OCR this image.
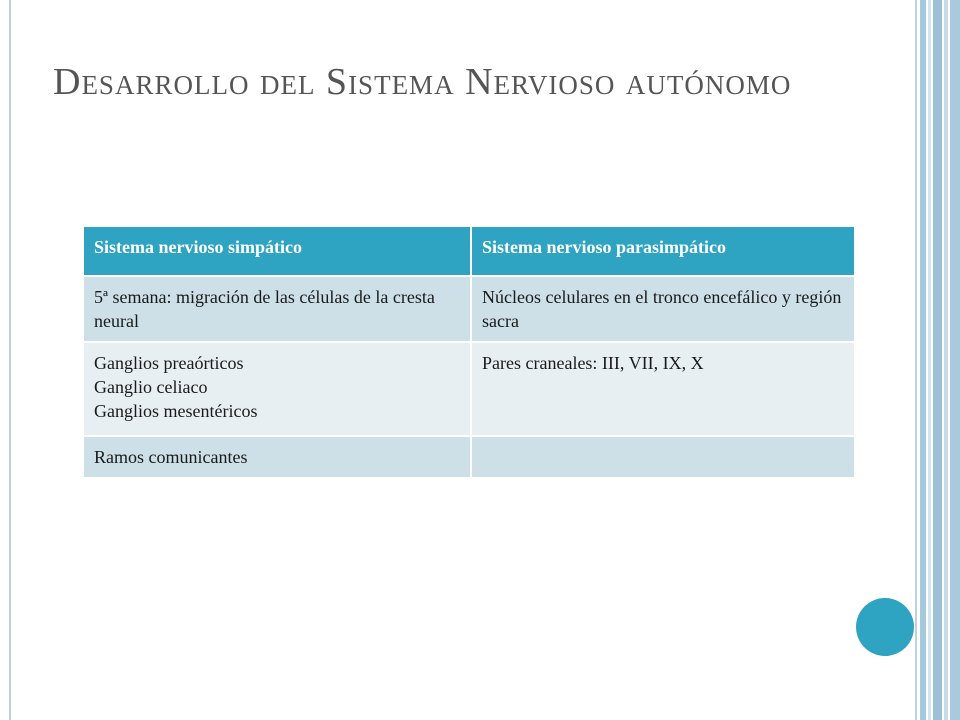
Desarrollo del Sistema Nervioso autónomo
Sistema nervioso simpático	Sistema nervioso parasimpático

5ª semana: migración de las células de la cresta neural	Núcleos celulares en el tronco encefálico y región sacra

Ganglios preaórticos
Ganglio celiaco
Ganglios mesentéricos	Pares craneales: III, VII, IX, X

Ramos comunicantes	
